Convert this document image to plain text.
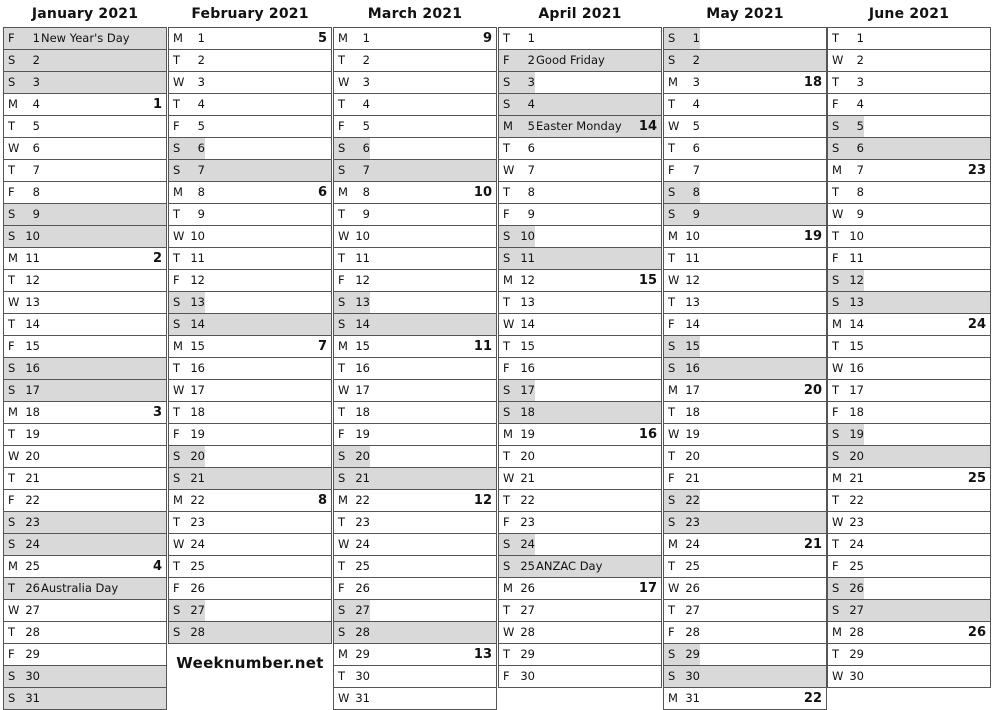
January 2021
F	1 New Year's Day
S	2
S	3
M	4	1
T	5
W	6
T	7
F	8
S	9
S 10
M 11	2
T 12
W 13
T 14
F 15
S 16
S 17
M 18	3
T 19
W 20
T 21
F 22
S 23
S 24
M 25	4
T 26 Australia Day
W 27
T 28
F 29
S 30
S 31
February 2021
M	1	5
T	2
W	3
T	4
F	5
S	6
S	7
M	8	6
T	9
W 10
T 11
F 12
S 13
S 14
M 15	7
T 16
W 17
T 18
F 19
S 20
S 21
M 22	8
T 23
W 24
T 25
F 26
S 27
S 28
March 2021
M	1	9
T	2
W	3
T	4
F	5
S	6
S	7
M	8	10
T	9
W 10
T 11
F 12
S 13
S 14
M 15	11
T 16
W 17
T 18
F 19
S 20
S 21
M 22	12
T 23
W 24
T 25
F 26
S 27
S 28
M 29	13
T 30
W 31
April 2021
T	1
F	2 Good Friday
S	3
S	4
M	5 Easter Monday 14
T	6
W	7
T	8
F	9
S 10
S 11
M 12	15
T 13
W 14
T 15
F 16
S 17
S 18
M 19	16
T 20
W 21
T 22
F 23
S 24
S 25 ANZAC Day
M 26	17
T 27
W 28
T 29
F 30
May 2021
S	1
S	2
M	3	18
T	4
W	5
T	6
F	7
S	8
S	9
M 10	19
T 11
W 12
T 13
F 14
S 15
S 16
M 17	20
T 18
W 19
T 20
F 21
S 22
S 23
M 24	21
T 25
W 26
T 27
F 28
S 29
S 30
M 31	22
June 2021
T	1
W	2
T	3
F	4
S	5
S	6
M	7	23
T	8
W	9
T 10
F 11
S 12
S 13
M 14	24
T 15
W 16
T 17
F 18
S 19
S 20
M 21	25
T 22
W 23
T 24
F 25
S 26
S 27
M 28	26
T 29
W 30
Weeknumber.net
